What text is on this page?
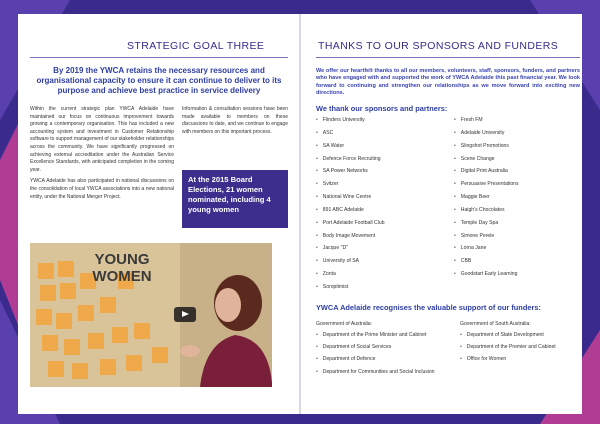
STRATEGIC GOAL THREE
By 2019 the YWCA retains the necessary resources and organisational capacity to ensure it can continue to deliver to its purpose and achieve best practice in service delivery
Within the current strategic plan YWCA Adelaide have maintained our focus on continuous improvement towards growing a contemporary organisation. This has included a new accounting system and investment in Customer Relationship software to support management of our stakeholder relationships across the community. We have significantly progressed on achieving external accreditation under the Australian Service Excellence Standards, with anticipated completion in the coming year.
YWCA Adelaide has also participated in national discussions on the consolidation of local YWCA associations into a new national entity, under the National Merger Project.
Information & consultation sessions have been made available to members on these discussions to date, and we continue to engage with members on this important process.
At the 2015 Board Elections, 21 women nominated, including 4 young women
YOUNG WOMEN
THANKS TO OUR SPONSORS AND FUNDERS
We offer our heartfelt thanks to all our members, volunteers, staff, sponsors, funders, and partners who have engaged with and supported the work of YWCA Adelaide this past financial year. We look forward to continuing and strengthen our relationships as we move forward into exciting new directions.
We thank our sponsors and partners:
• Flinders University
• ASC
• SA Water
• Defence Force Recruiting
• SA Power Networks
• Svitzer
• National Wine Centre
• 891 ABC Adelaide
• Port Adelaide Football Club
• Body Image Movement
• Jacque "D"
• University of SA
• Zonta
• Soroptimist
• Fresh FM
• Adelaide University
• Slingshot Promotions
• Scene Change
• Digital Print Australia
• Persuasive Presentations
• Maggie Beer
• Haigh's Chocolates
• Temple Day Spa
• Simone Perele
• Lorna Jane
• CBB
• Goodstart Early Learning
YWCA Adelaide recognises the valuable support of our funders:
Government of Australia:
• Department of the Prime Minister and Cabinet
• Department of Social Services
• Department of Defence
• Department for Communities and Social Inclusion
Government of South Australia:
• Department of State Development
• Department of the Premier and Cabinet
• Office for Women
